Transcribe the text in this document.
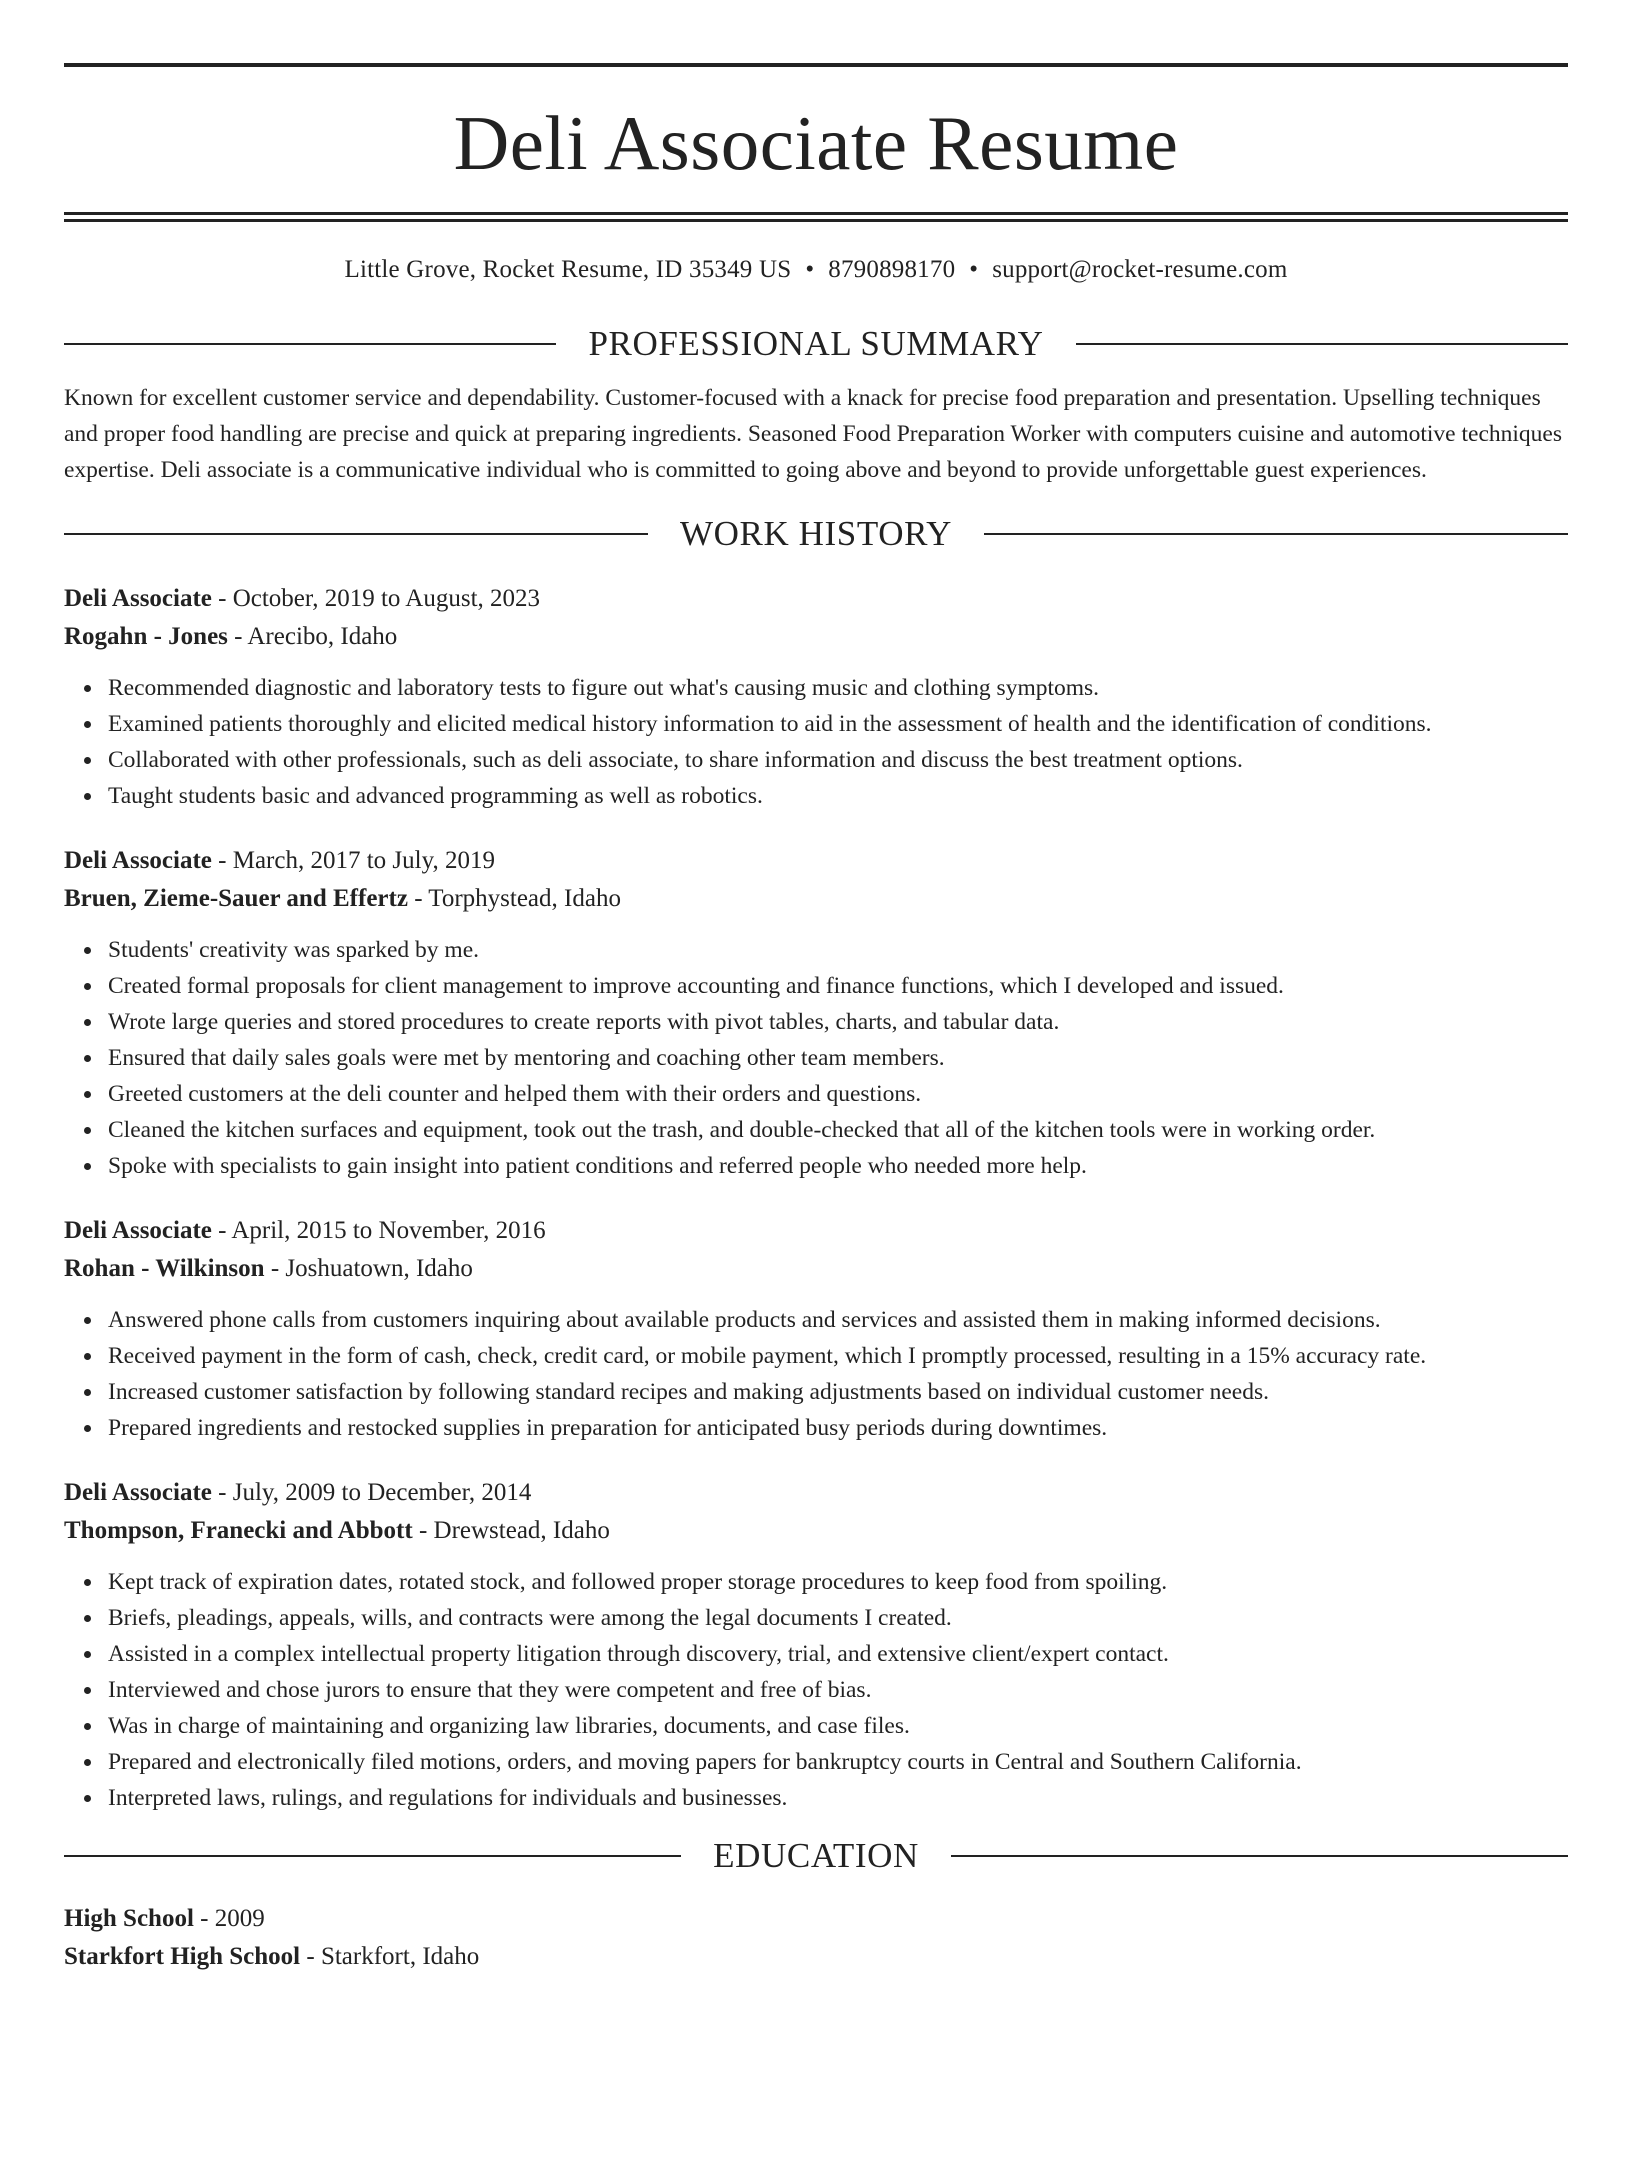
Deli Associate Resume
Little Grove, Rocket Resume, ID 35349 US • 8790898170 • support@rocket-resume.com
PROFESSIONAL SUMMARY
Known for excellent customer service and dependability. Customer-focused with a knack for precise food preparation and presentation. Upselling techniques and proper food handling are precise and quick at preparing ingredients. Seasoned Food Preparation Worker with computers cuisine and automotive techniques expertise. Deli associate is a communicative individual who is committed to going above and beyond to provide unforgettable guest experiences.
WORK HISTORY
Deli Associate - October, 2019 to August, 2023
Rogahn - Jones - Arecibo, Idaho
Recommended diagnostic and laboratory tests to figure out what's causing music and clothing symptoms.
Examined patients thoroughly and elicited medical history information to aid in the assessment of health and the identification of conditions.
Collaborated with other professionals, such as deli associate, to share information and discuss the best treatment options.
Taught students basic and advanced programming as well as robotics.
Deli Associate - March, 2017 to July, 2019
Bruen, Zieme-Sauer and Effertz - Torphystead, Idaho
Students' creativity was sparked by me.
Created formal proposals for client management to improve accounting and finance functions, which I developed and issued.
Wrote large queries and stored procedures to create reports with pivot tables, charts, and tabular data.
Ensured that daily sales goals were met by mentoring and coaching other team members.
Greeted customers at the deli counter and helped them with their orders and questions.
Cleaned the kitchen surfaces and equipment, took out the trash, and double-checked that all of the kitchen tools were in working order.
Spoke with specialists to gain insight into patient conditions and referred people who needed more help.
Deli Associate - April, 2015 to November, 2016
Rohan - Wilkinson - Joshuatown, Idaho
Answered phone calls from customers inquiring about available products and services and assisted them in making informed decisions.
Received payment in the form of cash, check, credit card, or mobile payment, which I promptly processed, resulting in a 15% accuracy rate.
Increased customer satisfaction by following standard recipes and making adjustments based on individual customer needs.
Prepared ingredients and restocked supplies in preparation for anticipated busy periods during downtimes.
Deli Associate - July, 2009 to December, 2014
Thompson, Franecki and Abbott - Drewstead, Idaho
Kept track of expiration dates, rotated stock, and followed proper storage procedures to keep food from spoiling.
Briefs, pleadings, appeals, wills, and contracts were among the legal documents I created.
Assisted in a complex intellectual property litigation through discovery, trial, and extensive client/expert contact.
Interviewed and chose jurors to ensure that they were competent and free of bias.
Was in charge of maintaining and organizing law libraries, documents, and case files.
Prepared and electronically filed motions, orders, and moving papers for bankruptcy courts in Central and Southern California.
Interpreted laws, rulings, and regulations for individuals and businesses.
EDUCATION
High School - 2009
Starkfort High School - Starkfort, Idaho
